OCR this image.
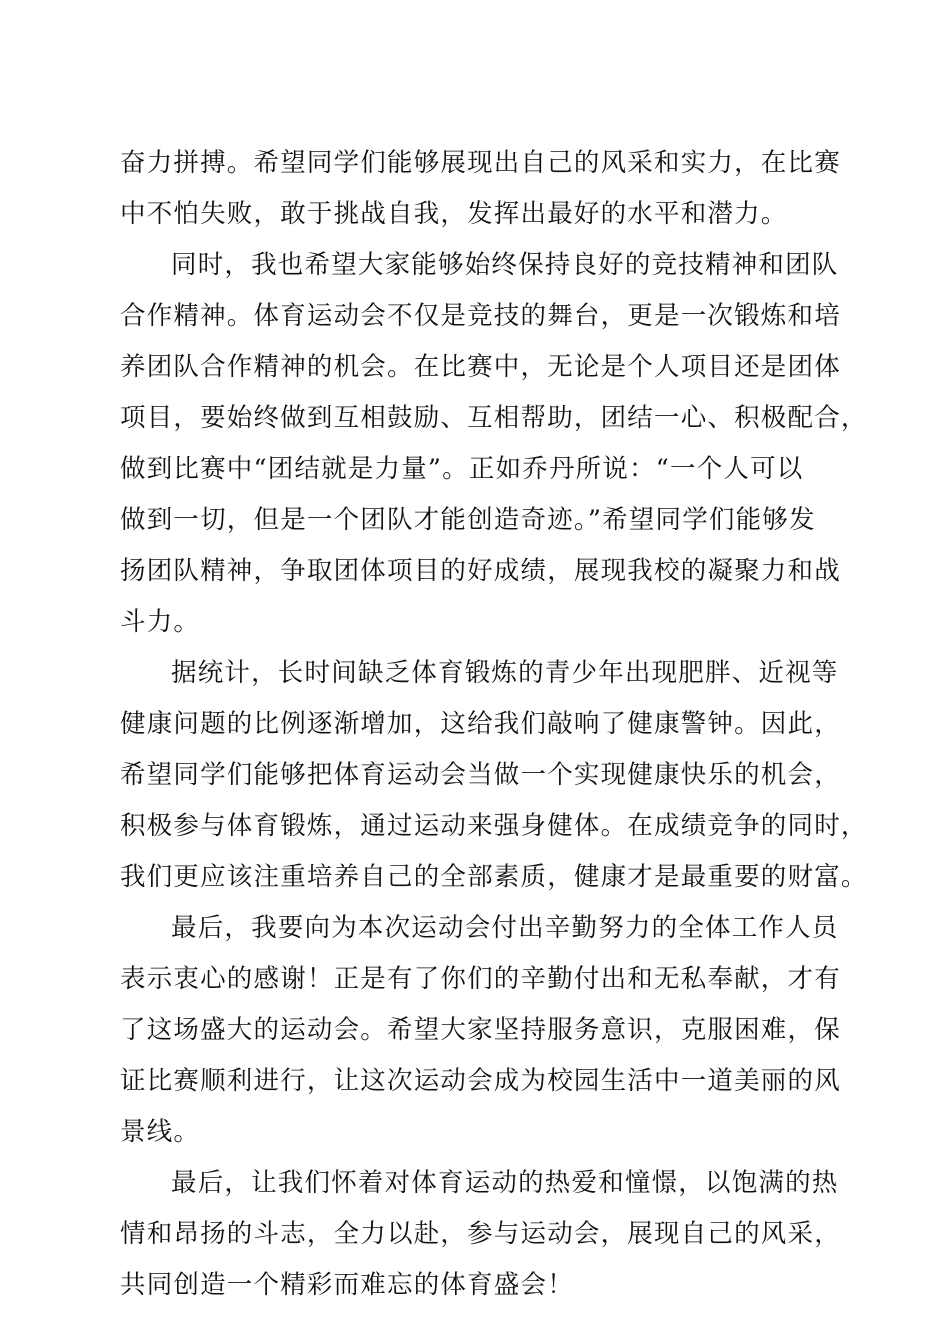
奋力拼搏。希望同学们能够展现出自己的风采和实力，在比赛
中不怕失败，敢于挑战自我，发挥出最好的水平和潜力。

同时，我也希望大家能够始终保持良好的竞技精神和团队
合作精神。体育运动会不仅是竞技的舞台，更是一次锻炼和培
养团队合作精神的机会。在比赛中，无论是个人项目还是团体
项目，要始终做到互相鼓励、互相帮助，团结一心、积极配合，
做到比赛中“团结就是力量”。正如乔丹所说：“一个人可以
做到一切，但是一个团队才能创造奇迹。”希望同学们能够发
扬团队精神，争取团体项目的好成绩，展现我校的凝聚力和战
斗力。

据统计，长时间缺乏体育锻炼的青少年出现肥胖、近视等
健康问题的比例逐渐增加，这给我们敲响了健康警钟。因此，
希望同学们能够把体育运动会当做一个实现健康快乐的机会，
积极参与体育锻炼，通过运动来强身健体。在成绩竞争的同时，
我们更应该注重培养自己的全部素质，健康才是最重要的财富。

最后，我要向为本次运动会付出辛勤努力的全体工作人员
表示衷心的感谢！正是有了你们的辛勤付出和无私奉献，才有
了这场盛大的运动会。希望大家坚持服务意识，克服困难，保
证比赛顺利进行，让这次运动会成为校园生活中一道美丽的风
景线。

最后，让我们怀着对体育运动的热爱和憧憬，以饱满的热
情和昂扬的斗志，全力以赴，参与运动会，展现自己的风采，
共同创造一个精彩而难忘的体育盛会！
